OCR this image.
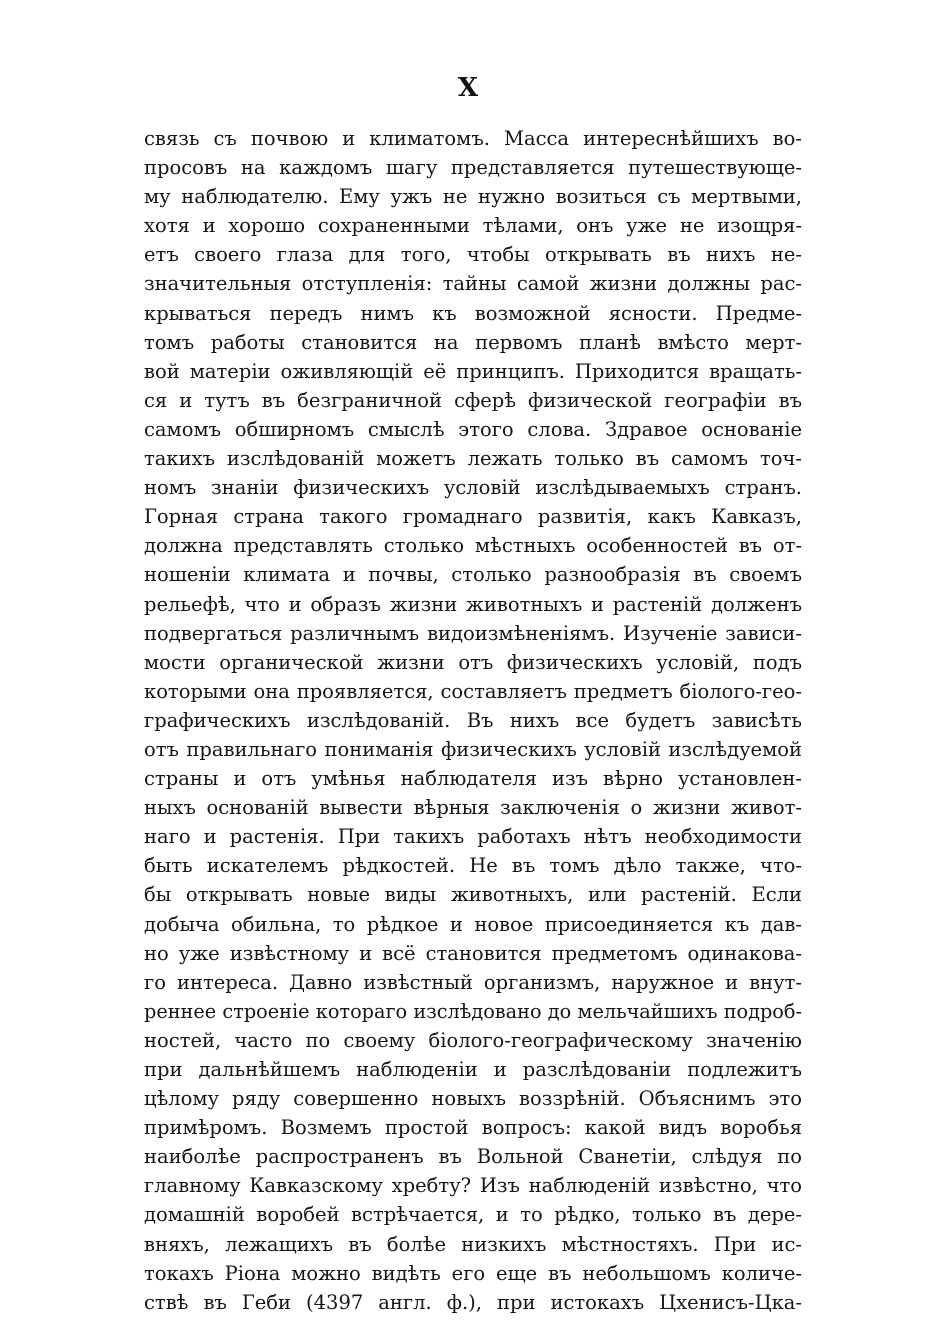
X
связь съ почвою и климатомъ. Масса интереснѣйшихъ во-
просовъ на каждомъ шагу представляется путешествующе-
му наблюдателю. Ему ужъ не нужно возиться съ мертвыми,
хотя и хорошо сохраненными тѣлами, онъ уже не изощря-
етъ своего глаза для того, чтобы открывать въ нихъ не-
значительныя отступленія: тайны самой жизни должны рас-
крываться передъ нимъ къ возможной ясности. Предме-
томъ работы становится на первомъ планѣ вмѣсто мерт-
вой матеріи оживляющій её принципъ. Приходится вращать-
ся и тутъ въ безграничной сферѣ физической географіи въ
самомъ обширномъ смыслѣ этого слова. Здравое основаніе
такихъ изслѣдованій можетъ лежать только въ самомъ точ-
номъ знаніи физическихъ условій изслѣдываемыхъ странъ.
Горная страна такого громаднаго развитія, какъ Кавказъ,
должна представлять столько мѣстныхъ особенностей въ от-
ношеніи климата и почвы, столько разнообразія въ своемъ
рельефѣ, что и образъ жизни животныхъ и растеній долженъ
подвергаться различнымъ видоизмѣненіямъ. Изученіе зависи-
мости органической жизни отъ физическихъ условій, подъ
которыми она проявляется, составляетъ предметъ біолого-гео-
графическихъ изслѣдованій. Въ нихъ все будетъ зависѣть
отъ правильнаго пониманія физическихъ условій изслѣдуемой
страны и отъ умѣнья наблюдателя изъ вѣрно установлен-
ныхъ основаній вывести вѣрныя заключенія о жизни живот-
наго и растенія. При такихъ работахъ нѣтъ необходимости
быть искателемъ рѣдкостей. Не въ томъ дѣло также, что-
бы открывать новые виды животныхъ, или растеній. Если
добыча обильна, то рѣдкое и новое присоединяется къ дав-
но уже извѣстному и всё становится предметомъ одинакова-
го интереса. Давно извѣстный организмъ, наружное и внут-
реннее строеніе котораго изслѣдовано до мельчайшихъ подроб-
ностей, часто по своему біолого-географическому значенію
при дальнѣйшемъ наблюденіи и разслѣдованіи подлежитъ
цѣлому ряду совершенно новыхъ воззрѣній. Объяснимъ это
примѣромъ. Возмемъ простой вопросъ: какой видъ воробья
наиболѣе распространенъ въ Вольной Сванетіи, слѣдуя по
главному Кавказскому хребту? Изъ наблюденій извѣстно, что
домашній воробей встрѣчается, и то рѣдко, только въ дере-
вняхъ, лежащихъ въ болѣе низкихъ мѣстностяхъ. При ис-
токахъ Ріона можно видѣть его еще въ небольшомъ количе-
ствѣ въ Геби (4397 англ. ф.), при истокахъ Цхенисъ-Цка-
